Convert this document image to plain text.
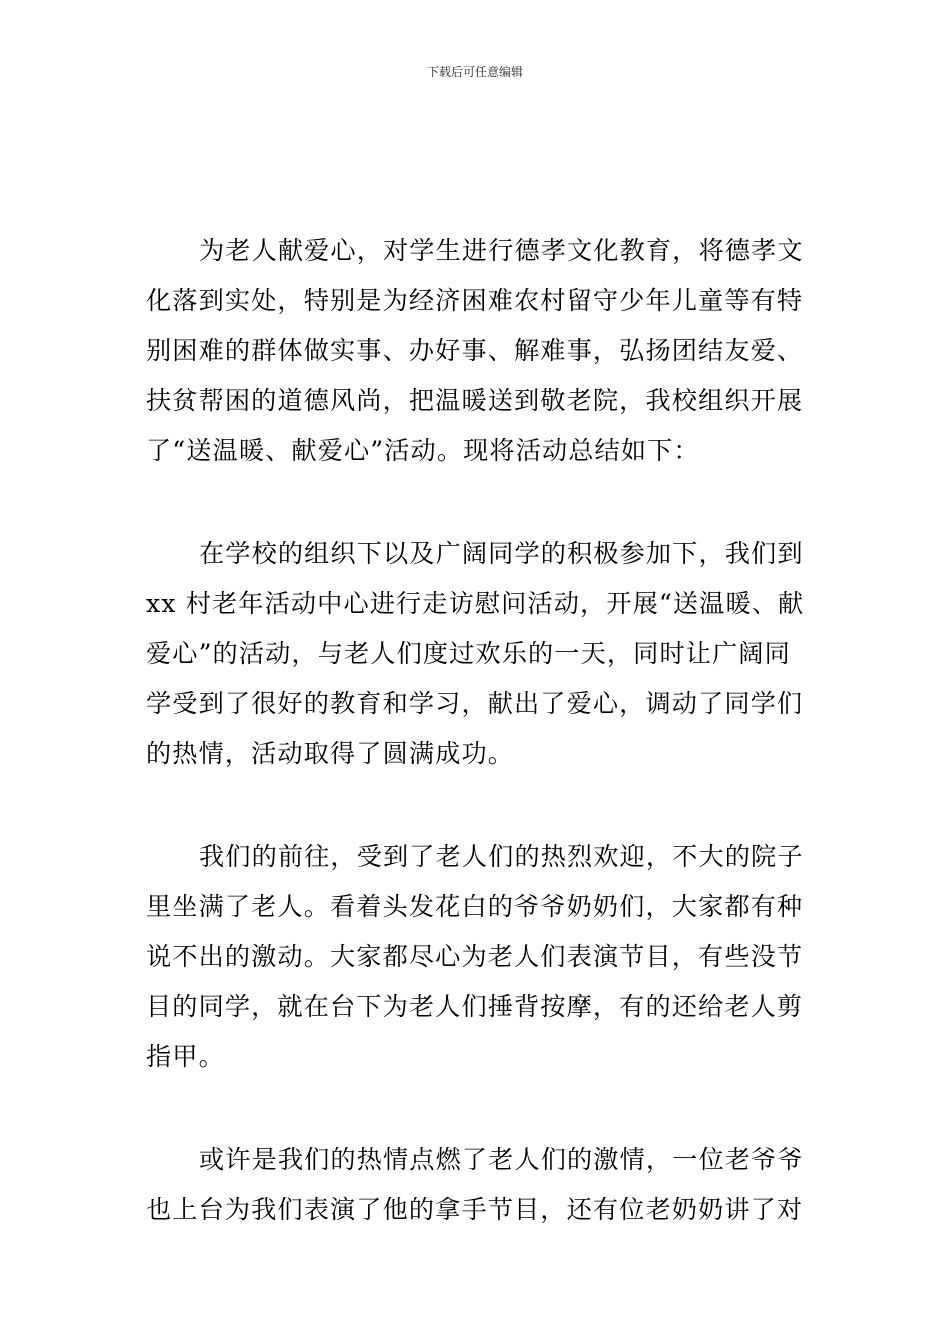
下载后可任意编辑

为老人献爱心，对学生进行德孝文化教育，将德孝文
化落到实处，特别是为经济困难农村留守少年儿童等有特
别困难的群体做实事、办好事、解难事，弘扬团结友爱、
扶贫帮困的道德风尚，把温暖送到敬老院，我校组织开展
了“送温暖、献爱心”活动。现将活动总结如下：

在学校的组织下以及广阔同学的积极参加下，我们到
xx 村老年活动中心进行走访慰问活动，开展“送温暖、献
爱心”的活动，与老人们度过欢乐的一天，同时让广阔同
学受到了很好的教育和学习，献出了爱心，调动了同学们
的热情，活动取得了圆满成功。

我们的前往，受到了老人们的热烈欢迎，不大的院子
里坐满了老人。看着头发花白的爷爷奶奶们，大家都有种
说不出的激动。大家都尽心为老人们表演节目，有些没节
目的同学，就在台下为老人们捶背按摩，有的还给老人剪
指甲。

或许是我们的热情点燃了老人们的激情，一位老爷爷
也上台为我们表演了他的拿手节目，还有位老奶奶讲了对
